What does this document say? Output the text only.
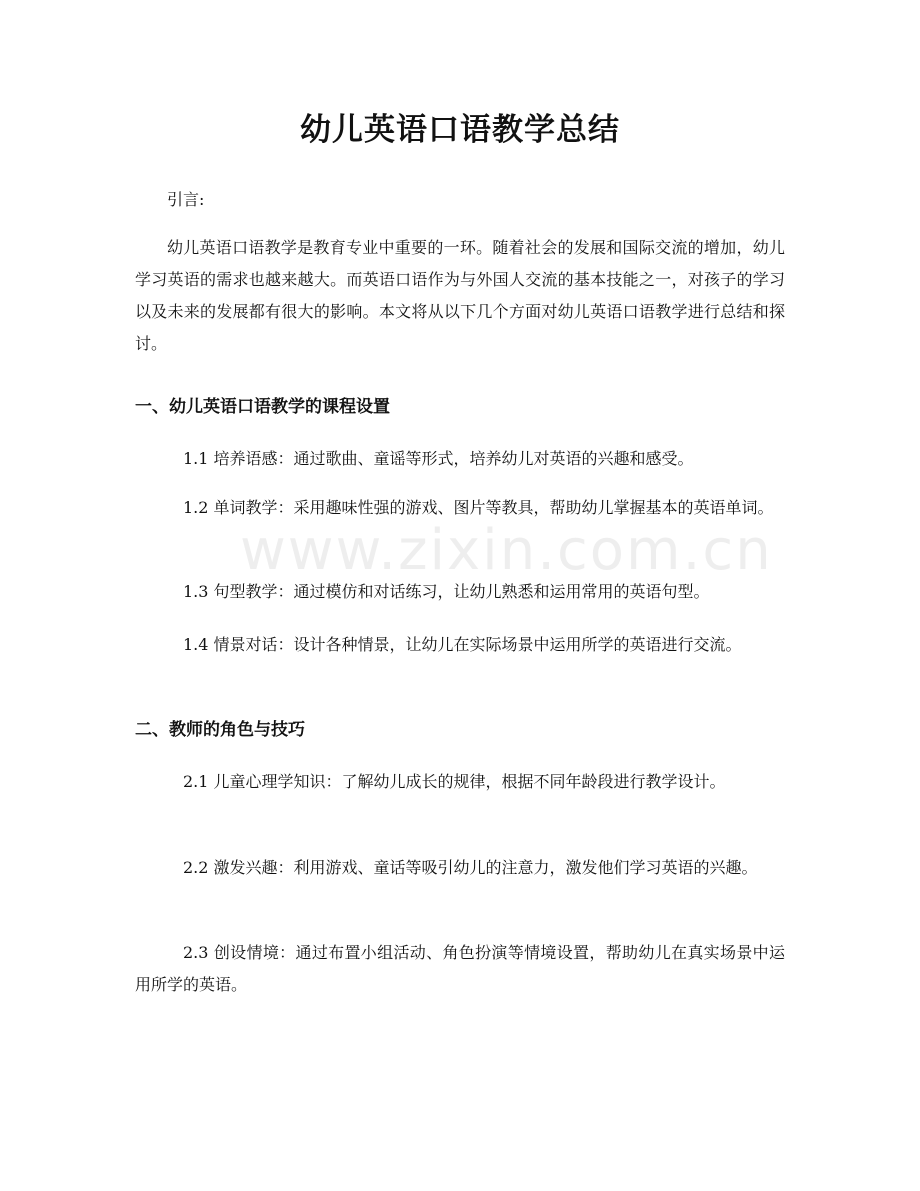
www.zixin.com.cn
幼儿英语口语教学总结
引言:
幼儿英语口语教学是教育专业中重要的一环。随着社会的发展和国际交流的增加，幼儿学习英语的需求也越来越大。而英语口语作为与外国人交流的基本技能之一，对孩子的学习以及未来的发展都有很大的影响。本文将从以下几个方面对幼儿英语口语教学进行总结和探讨。
一、幼儿英语口语教学的课程设置
1.1 培养语感：通过歌曲、童谣等形式，培养幼儿对英语的兴趣和感受。
1.2 单词教学：采用趣味性强的游戏、图片等教具，帮助幼儿掌握基本的英语单词。
1.3 句型教学：通过模仿和对话练习，让幼儿熟悉和运用常用的英语句型。
1.4 情景对话：设计各种情景，让幼儿在实际场景中运用所学的英语进行交流。
二、教师的角色与技巧
2.1 儿童心理学知识：了解幼儿成长的规律，根据不同年龄段进行教学设计。
2.2 激发兴趣：利用游戏、童话等吸引幼儿的注意力，激发他们学习英语的兴趣。
2.3 创设情境：通过布置小组活动、角色扮演等情境设置，帮助幼儿在真实场景中运用所学的英语。
